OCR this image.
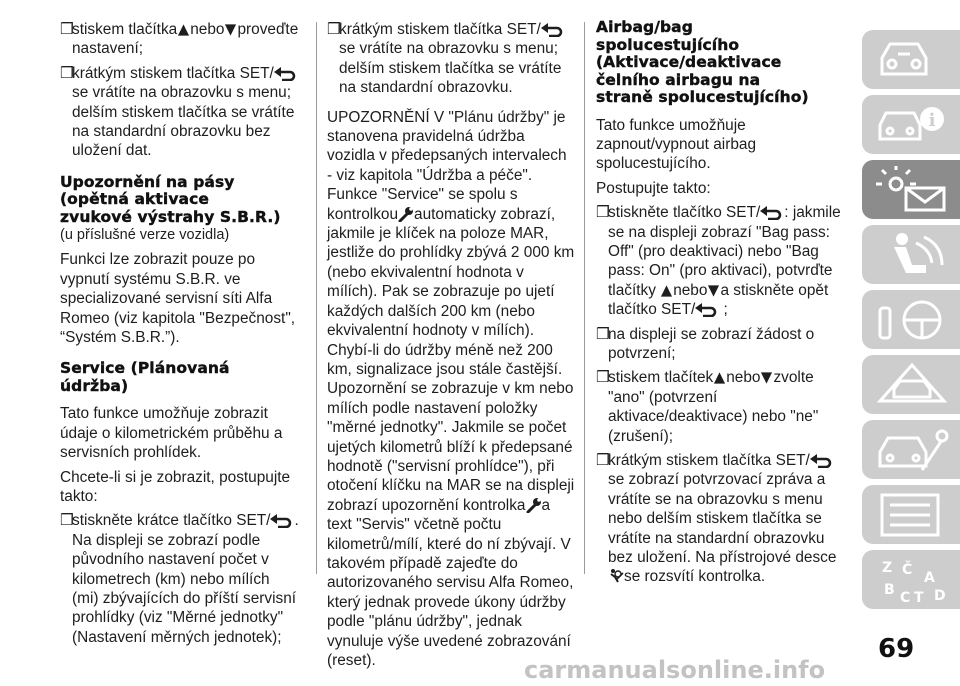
❒
stiskem tlačítka nebo proveďte nastavení;
❒
krátkým stiskem tlačítka SET/
se vrátíte na obrazovku s menu; delším stiskem tlačítka se vrátíte na standardní obrazovku bez uložení dat.
Upozornění na pásy
(opětná aktivace
zvukové výstrahy S.B.R.)
(u příslušné verze vozidla)
Funkci lze zobrazit pouze po vypnutí systému S.B.R. ve specializované servisní síti Alfa Romeo (viz kapitola "Bezpečnost", “Systém S.B.R.”).
Service (Plánovaná
údržba)
Tato funkce umožňuje zobrazit údaje o kilometrickém průběhu a servisních prohlídek.
Chcete-li si je zobrazit, postupujte takto:
❒
stiskněte krátce tlačítko SET/ . Na displeji se zobrazí podle původního nastavení počet v kilometrech (km) nebo mílích (mi) zbývajících do příští servisní prohlídky (viz "Měrné jednotky" (Nastavení měrných jednotek);
❒
krátkým stiskem tlačítka SET/
se vrátíte na obrazovku s menu; delším stiskem tlačítka se vrátíte na standardní obrazovku.
UPOZORNĚNÍ V "Plánu údržby" je stanovena pravidelná údržba vozidla v předepsaných intervalech - viz kapitola "Údržba a péče". Funkce "Service" se spolu s kontrolkou automaticky zobrazí, jakmile je klíček na poloze MAR, jestliže do prohlídky zbývá 2 000 km (nebo ekvivalentní hodnota v mílích). Pak se zobrazuje po ujetí každých dalších 200 km (nebo ekvivalentní hodnoty v mílích). Chybí-li do údržby méně než 200 km, signalizace jsou stále častější. Upozornění se zobrazuje v km nebo mílích podle nastavení položky "měrné jednotky". Jakmile se počet ujetých kilometrů blíží k předepsané hodnotě ("servisní prohlídce"), při otočení klíčku na MAR se na displeji zobrazí upozornění kontrolka a text "Servis" včetně počtu kilometrů/mílí, které do ní zbývají. V takovém případě zajeďte do autorizovaného servisu Alfa Romeo, který jednak provede úkony údržby podle "plánu údržby", jednak vynuluje výše uvedené zobrazování (reset).
Airbag/bag
spolucestujícího
(Aktivace/deaktivace
čelního airbagu na
straně spolucestujícího)
Tato funkce umožňuje zapnout/vypnout airbag spolucestujícího.
Postupujte takto:
❒
stiskněte tlačítko SET/ : jakmile se na displeji zobrazí "Bag pass: Off" (pro deaktivaci) nebo "Bag pass: On" (pro aktivaci), potvrďte tlačítky nebo a stiskněte opět tlačítko SET/ ;
❒
na displeji se zobrazí žádost o potvrzení;
❒
stiskem tlačítek nebo zvolte "ano" (potvrzení aktivace/deaktivace) nebo "ne" (zrušení);
❒
krátkým stiskem tlačítka SET/
se zobrazí potvrzovací zpráva a vrátíte se na obrazovku s menu nebo delším stiskem tlačítka se vrátíte na standardní obrazovku bez uložení. Na přístrojové desce
se rozsvítí kontrolka.
i
Z Č A
B C T D
69
carmanualsonline.info
